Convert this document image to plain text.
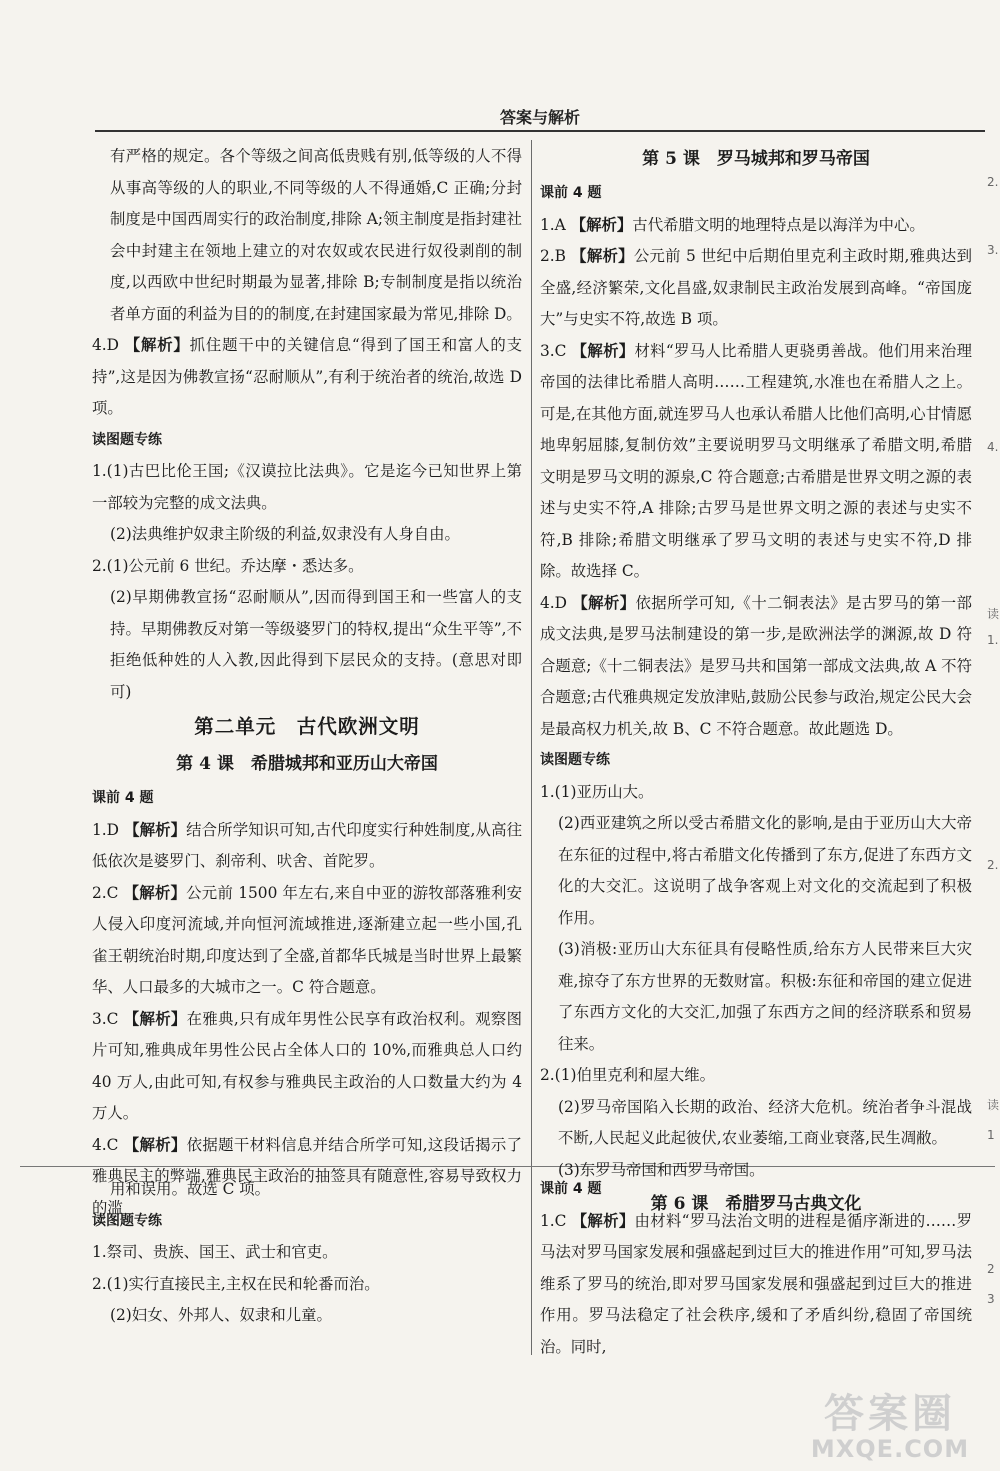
答案与解析

有严格的规定。各个等级之间高低贵贱有别,低等级的人不得从事高等级的人的职业,不同等级的人不得通婚,C 正确;分封制度是中国西周实行的政治制度,排除 A;领主制度是指封建社会中封建主在领地上建立的对农奴或农民进行奴役剥削的制度,以西欧中世纪时期最为显著,排除 B;专制制度是指以统治者单方面的利益为目的的制度,在封建国家最为常见,排除 D。

4.D 【解析】抓住题干中的关键信息“得到了国王和富人的支持”,这是因为佛教宣扬“忍耐顺从”,有利于统治者的统治,故选 D 项。

读图题专练

1.(1)古巴比伦王国;《汉谟拉比法典》。它是迄今已知世界上第一部较为完整的成文法典。

(2)法典维护奴隶主阶级的利益,奴隶没有人身自由。

2.(1)公元前 6 世纪。乔达摩・悉达多。

(2)早期佛教宣扬“忍耐顺从”,因而得到国王和一些富人的支持。早期佛教反对第一等级婆罗门的特权,提出“众生平等”,不拒绝低种姓的人入教,因此得到下层民众的支持。(意思对即可)

第二单元　古代欧洲文明

第 4 课　希腊城邦和亚历山大帝国

课前 4 题

1.D 【解析】结合所学知识可知,古代印度实行种姓制度,从高往低依次是婆罗门、刹帝利、吠舍、首陀罗。

2.C 【解析】公元前 1500 年左右,来自中亚的游牧部落雅利安人侵入印度河流域,并向恒河流域推进,逐渐建立起一些小国,孔雀王朝统治时期,印度达到了全盛,首都华氏城是当时世界上最繁华、人口最多的大城市之一。C 符合题意。

3.C 【解析】在雅典,只有成年男性公民享有政治权利。观察图片可知,雅典成年男性公民占全体人口的 10%,而雅典总人口约 40 万人,由此可知,有权参与雅典民主政治的人口数量大约为 4 万人。

4.C 【解析】依据题干材料信息并结合所学可知,这段话揭示了雅典民主的弊端,雅典民主政治的抽签具有随意性,容易导致权力的滥

用和误用。故选 C 项。

读图题专练

1.祭司、贵族、国王、武士和官吏。

2.(1)实行直接民主,主权在民和轮番而治。

(2)妇女、外邦人、奴隶和儿童。

第 5 课　罗马城邦和罗马帝国

课前 4 题

1.A 【解析】古代希腊文明的地理特点是以海洋为中心。

2.B 【解析】公元前 5 世纪中后期伯里克利主政时期,雅典达到全盛,经济繁荣,文化昌盛,奴隶制民主政治发展到高峰。“帝国庞大”与史实不符,故选 B 项。

3.C 【解析】材料“罗马人比希腊人更骁勇善战。他们用来治理帝国的法律比希腊人高明……工程建筑,水准也在希腊人之上。可是,在其他方面,就连罗马人也承认希腊人比他们高明,心甘情愿地卑躬屈膝,复制仿效”主要说明罗马文明继承了希腊文明,希腊文明是罗马文明的源泉,C 符合题意;古希腊是世界文明之源的表述与史实不符,A 排除;古罗马是世界文明之源的表述与史实不符,B 排除;希腊文明继承了罗马文明的表述与史实不符,D 排除。故选择 C。

4.D 【解析】依据所学可知,《十二铜表法》是古罗马的第一部成文法典,是罗马法制建设的第一步,是欧洲法学的渊源,故 D 符合题意;《十二铜表法》是罗马共和国第一部成文法典,故 A 不符合题意;古代雅典规定发放津贴,鼓励公民参与政治,规定公民大会是最高权力机关,故 B、C 不符合题意。故此题选 D。

读图题专练

1.(1)亚历山大。

(2)西亚建筑之所以受古希腊文化的影响,是由于亚历山大大帝在东征的过程中,将古希腊文化传播到了东方,促进了东西方文化的大交汇。这说明了战争客观上对文化的交流起到了积极作用。

(3)消极:亚历山大东征具有侵略性质,给东方人民带来巨大灾难,掠夺了东方世界的无数财富。积极:东征和帝国的建立促进了东西方文化的大交汇,加强了东西方之间的经济联系和贸易往来。

2.(1)伯里克利和屋大维。

(2)罗马帝国陷入长期的政治、经济大危机。统治者争斗混战不断,人民起义此起彼伏,农业萎缩,工商业衰落,民生凋敝。

(3)东罗马帝国和西罗马帝国。

第 6 课　希腊罗马古典文化

课前 4 题

1.C 【解析】由材料“罗马法治文明的进程是循序渐进的……罗马法对罗马国家发展和强盛起到过巨大的推进作用”可知,罗马法维系了罗马的统治,即对罗马国家发展和强盛起到过巨大的推进作用。罗马法稳定了社会秩序,缓和了矛盾纠纷,稳固了帝国统治。同时,

2.
3.
4.
读
1.
2.
读
1
2
3
答案圈
MXQE.COM
